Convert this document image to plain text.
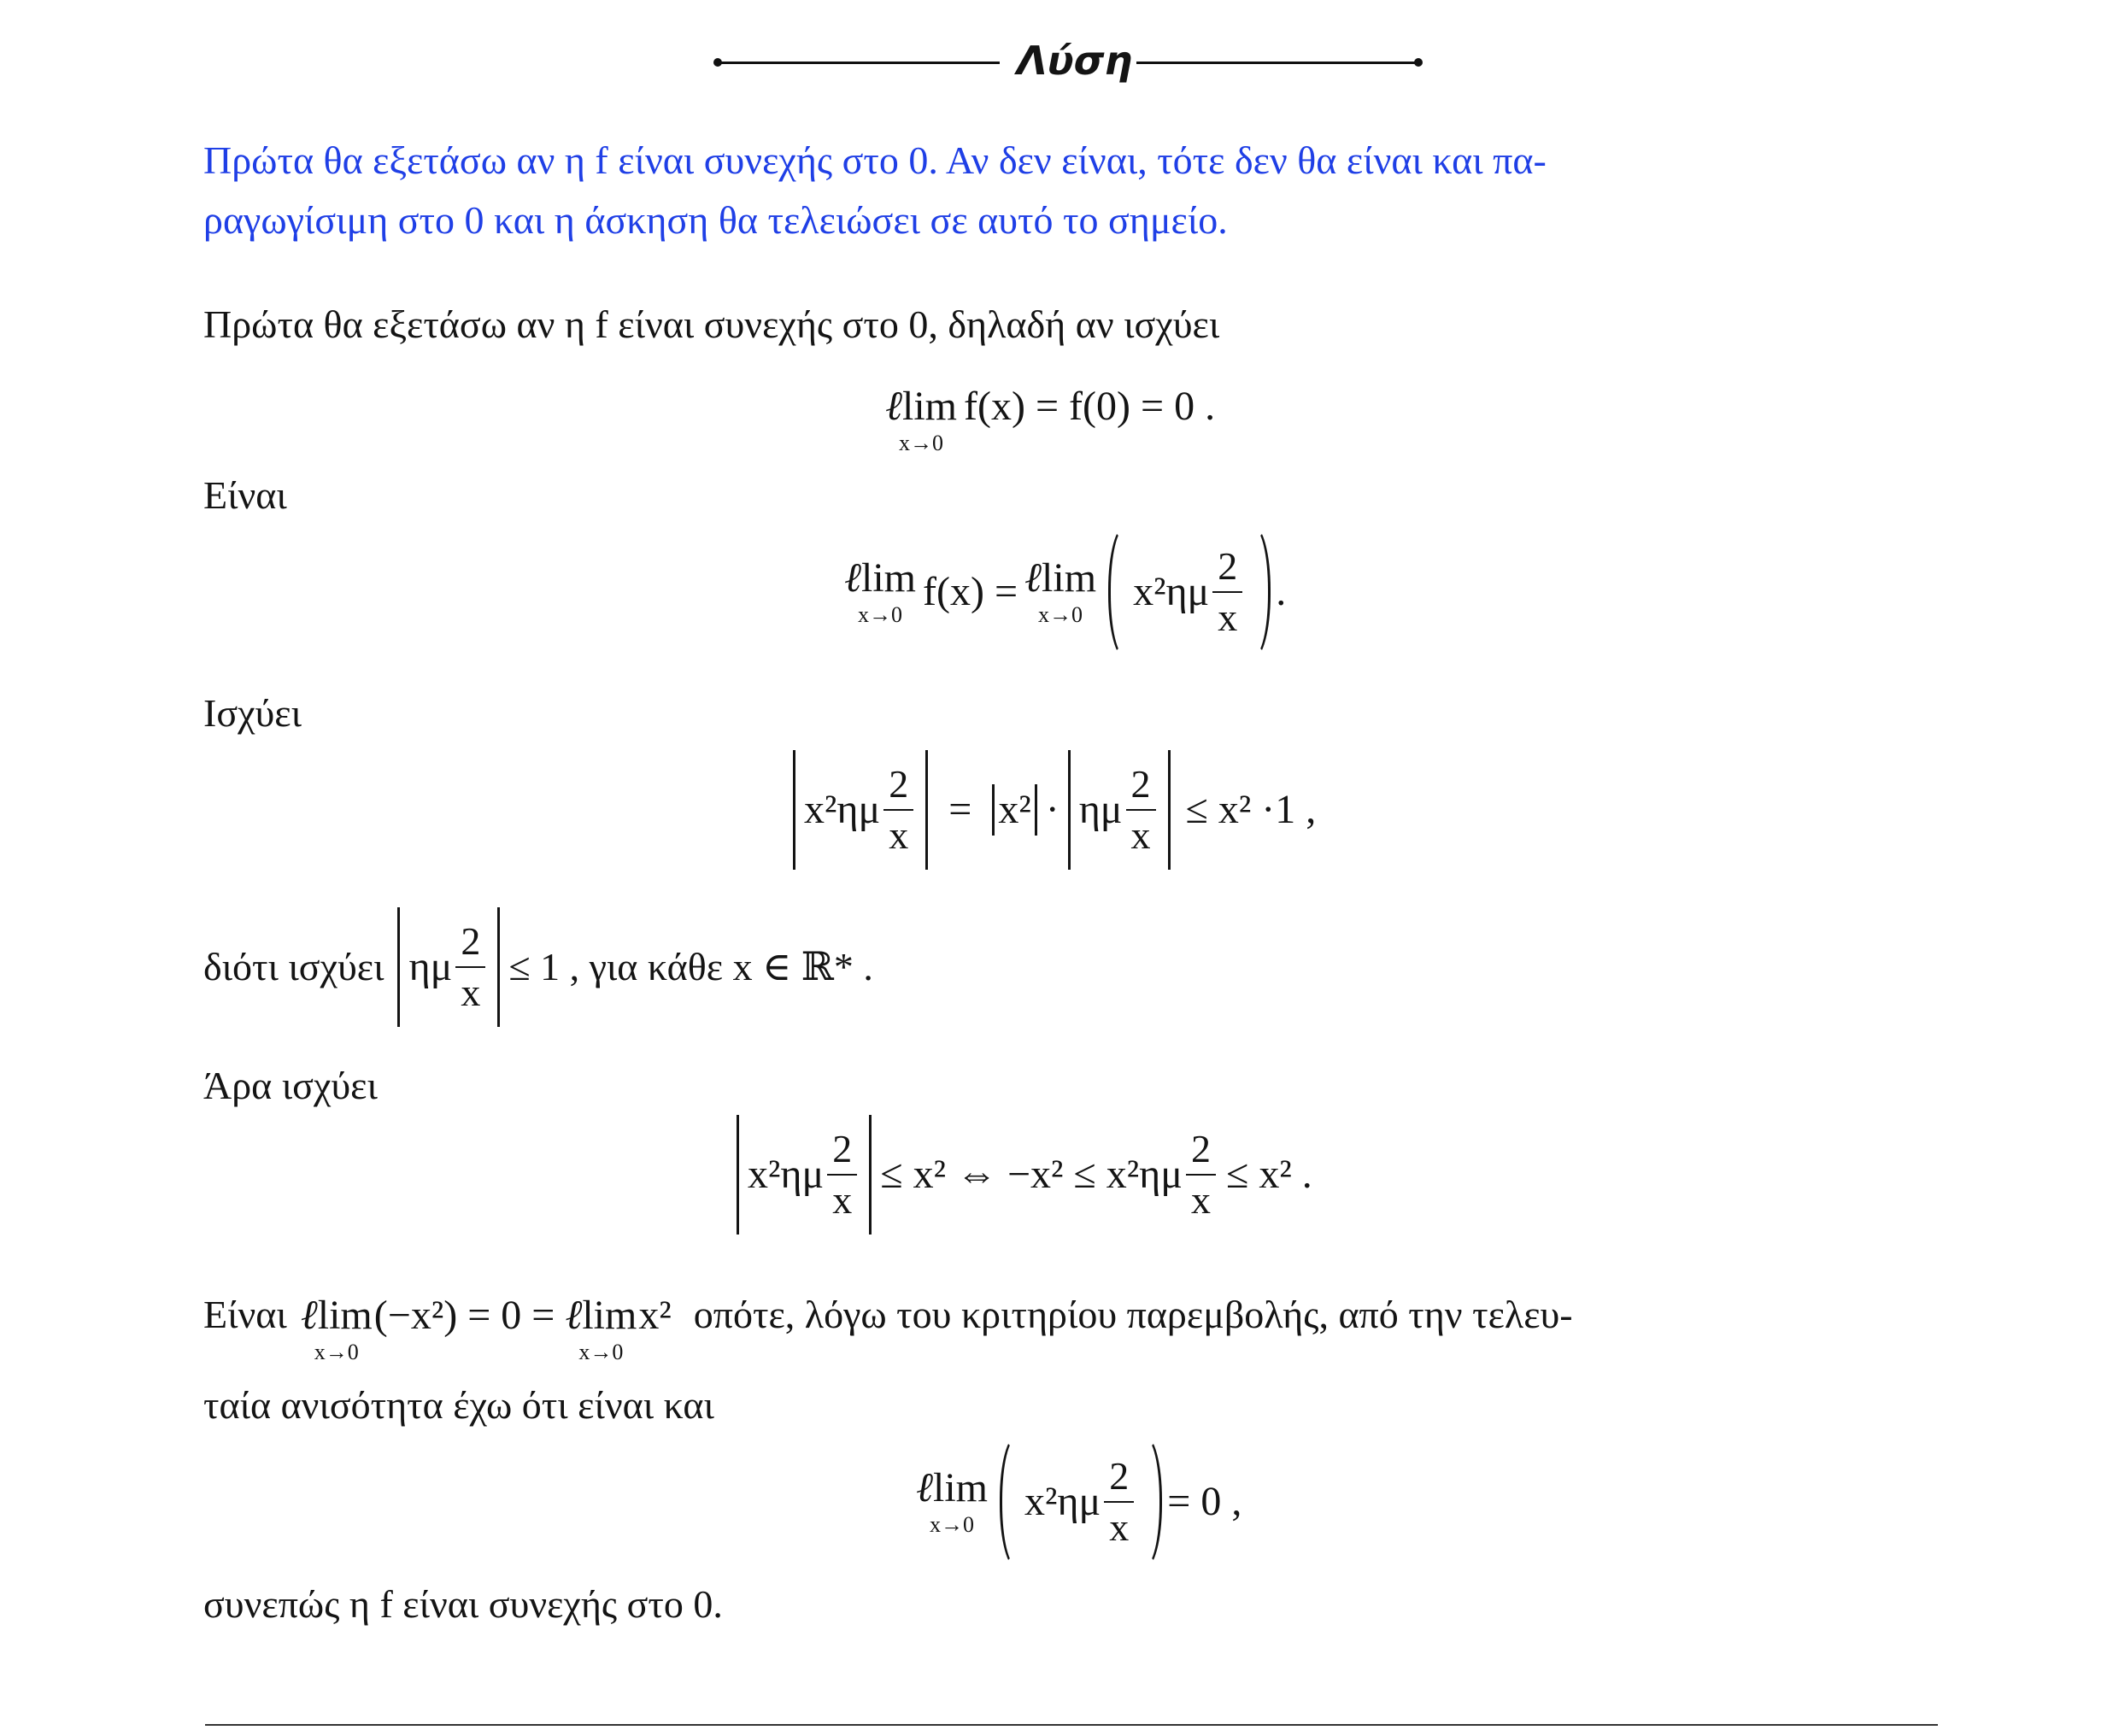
Λύση
Πρώτα θα εξετάσω αν η f είναι συνεχής στο 0. Αν δεν είναι, τότε δεν θα είναι και πα-
ραγωγίσιμη στο 0 και η άσκηση θα τελειώσει σε αυτό το σημείο.
Πρώτα θα εξετάσω αν η f είναι συνεχής στο 0, δηλαδή αν ισχύει
ℓlim
x→0
f(x) = f(0) = 0 .
Είναι
ℓlim
x→0
f(x) = ℓlim
x→0
$x^2\eta\mu \frac{2}{x}$ .
Ισχύει
$x^2\eta\mu \frac{2}{x} = x^2 \cdot \eta\mu \frac{2}{x} \le x^2 \cdot 1$ ,
διότι ισχύει ημ $\frac{2}{x} \le 1$ , για κάθε x ∈ ℝ* .
Άρα ισχύει
$x^2\eta\mu \frac{2}{x} \le x^2$ ⇔ $-x^2 \le x^2\eta\mu \frac{2}{x} \le x^2$ .
Είναι ℓlim
x→0
(−x²) = 0 = ℓlim
x→0
x² οπότε, λόγω του κριτηρίου παρεμβολής, από την τελευ-
ταία ανισότητα έχω ότι είναι και
ℓlim
x→0
$x^2\eta\mu \frac{2}{x} = 0$ ,
συνεπώς η f είναι συνεχής στο 0.
